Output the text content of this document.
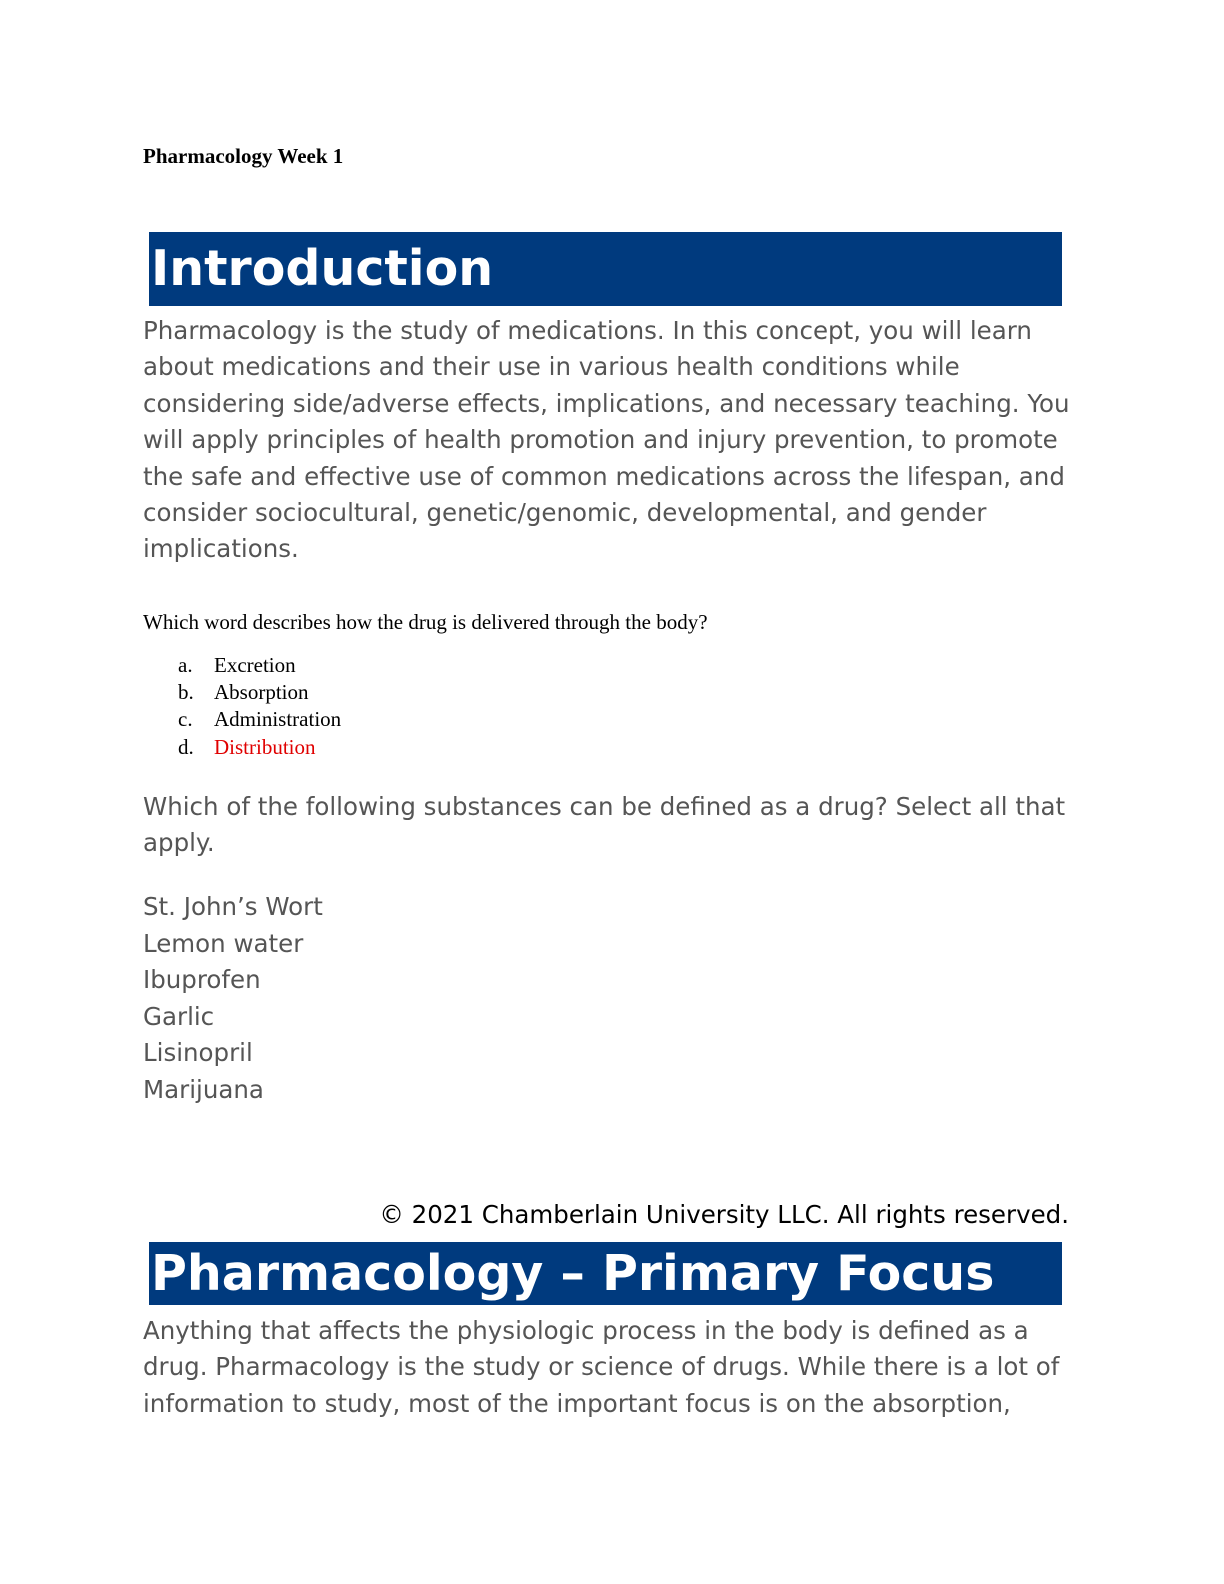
Pharmacology Week 1
Introduction

Pharmacology is the study of medications. In this concept, you will learn about medications and their use in various health conditions while considering side/adverse effects, implications, and necessary teaching. You will apply principles of health promotion and injury prevention, to promote the safe and effective use of common medications across the lifespan, and consider sociocultural, genetic/genomic, developmental, and gender implications.

Which word describes how the drug is delivered through the body?

a.	Excretion
b. Absorption
c.	Administration
d. Distribution

Which of the following substances can be defined as a drug? Select all that apply.

St. John’s Wort
Lemon water
Ibuprofen
Garlic
Lisinopril
Marijuana

© 2021 Chamberlain University LLC. All rights reserved.

Pharmacology – Primary Focus

Anything that affects the physiologic process in the body is defined as a drug. Pharmacology is the study or science of drugs. While there is a lot of information to study, most of the important focus is on the absorption,
